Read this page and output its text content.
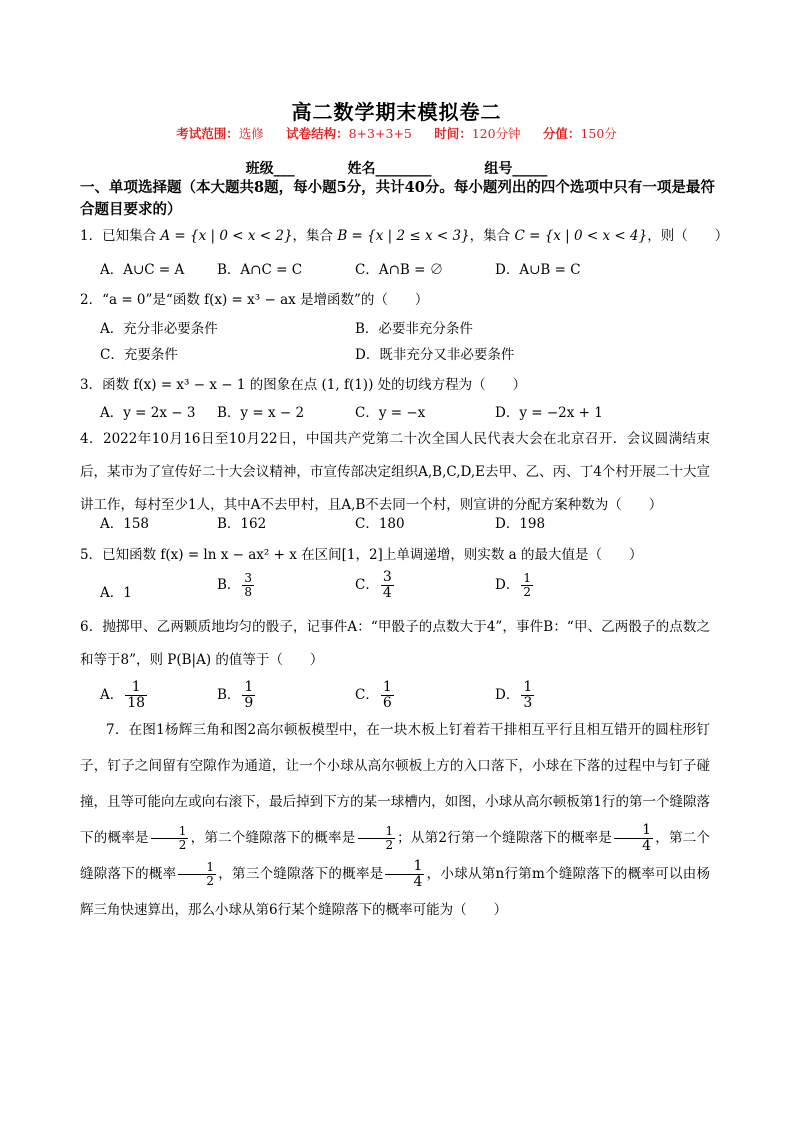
高二数学期末模拟卷二
考试范围：选修 试卷结构：8+3+3+5 时间：120分钟 分值：150分
班级___	姓名________	组号_____
一、单项选择题（本大题共8题，每小题5分，共计40分。每小题列出的四个选项中只有一项是最符合题目要求的）
1．已知集合 A = {x | 0 < x < 2}，集合 B = {x | 2 ≤ x < 3}，集合 C = {x | 0 < x < 4}，则（　　）
A．A∪C = A B．A∩C = C	C．A∩B = ∅	D．A∪B = C
2．“a = 0”是“函数 f(x) = x³ − ax 是增函数”的（　　）
A．充分非必要条件	B．必要非充分条件
C．充要条件	D．既非充分又非必要条件
3．函数 f(x) = x³ − x − 1 的图象在点 (1, f(1)) 处的切线方程为（　　）
A．y = 2x − 3 B．y = x − 2	C．y = −x	D．y = −2x + 1
4．2022年10月16日至10月22日，中国共产党第二十次全国人民代表大会在北京召开．会议圆满结束后，某市为了宣传好二十大会议精神，市宣传部决定组织A,B,C,D,E去甲、乙、丙、丁4个村开展二十大宣讲工作，每村至少1人，其中A不去甲村，且A,B不去同一个村，则宣讲的分配方案种数为（　　）
A．158	B．162	C．180	D．198
5．已知函数 f(x) = ln x − ax² + x 在区间[1，2]上单调递增，则实数 a 的最大值是（　　）
A．1	B． $\frac{3}{8}$	C． $\frac{3}{4}$	D． $\frac{1}{2}$
6．抛掷甲、乙两颗质地均匀的骰子，记事件A：“甲骰子的点数大于4”，事件B：“甲、乙两骰子的点数之和等于8”，则 P(B|A) 的值等于（　　）
A． $\frac{1}{18}$	B． $\frac{1}{9}$	C． $\frac{1}{6}$	D． $\frac{1}{3}$
7．在图1杨辉三角和图2高尔顿板模型中，在一块木板上钉着若干排相互平行且相互错开的圆柱形钉子，钉子之间留有空隙作为通道，让一个小球从高尔顿板上方的入口落下，小球在下落的过程中与钉子碰撞，且等可能向左或向右滚下，最后掉到下方的某一球槽内，如图，小球从高尔顿板第1行的第一个缝隙落下的概率是 $\frac{1}{2}$ ，第二个缝隙落下的概率是 $\frac{1}{2}$ ；从第2行第一个缝隙落下的概率是 $\frac{1}{4}$ ，第二个缝隙落下的概率 $\frac{1}{2}$ ，第三个缝隙落下的概率是 $\frac{1}{4}$ ，小球从第n行第m个缝隙落下的概率可以由杨辉三角快速算出，那么小球从第6行某个缝隙落下的概率可能为（　　）
